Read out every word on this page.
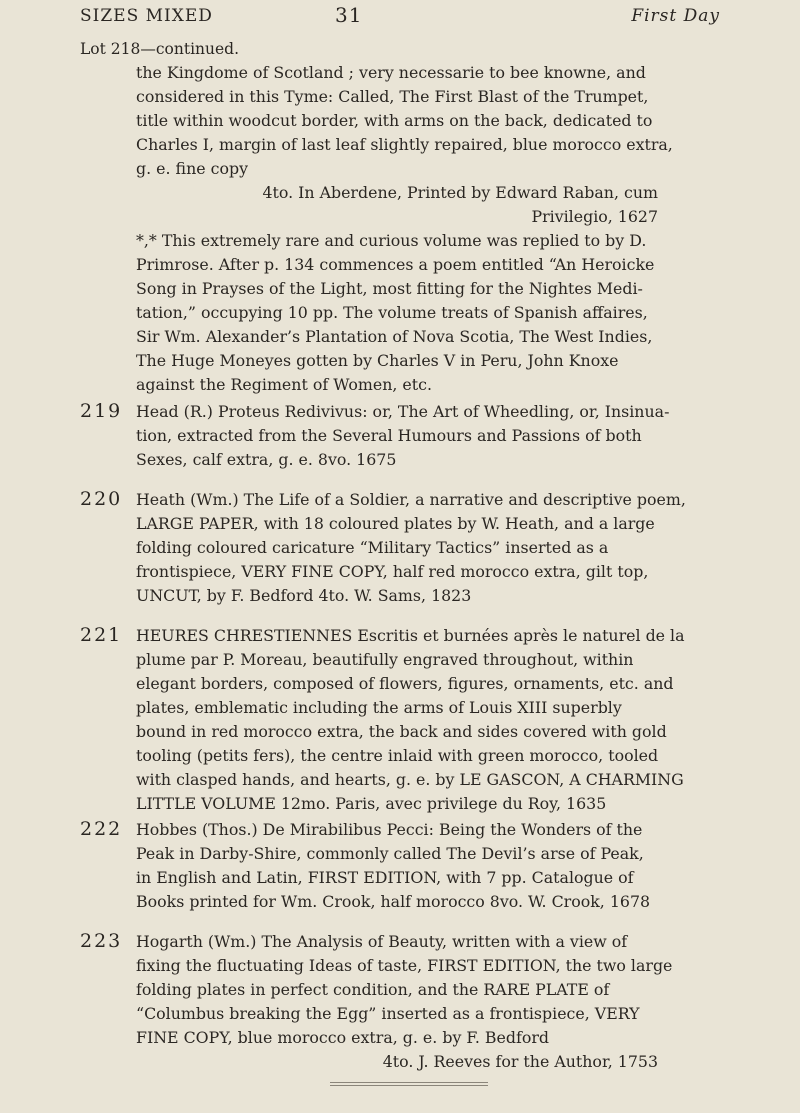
SIZES MIXED	31	First Day
Lot 218—continued.
the Kingdome of Scotland ; very necessarie to bee knowne, and
considered in this Tyme: Called, The First Blast of the Trumpet,
title within woodcut border, with arms on the back, dedicated to
Charles I, margin of last leaf slightly repaired, blue morocco extra,
g. e. fine copy
4to. In Aberdene, Printed by Edward Raban, cum
Privilegio, 1627
*,* This extremely rare and curious volume was replied to by D.
Primrose. After p. 134 commences a poem entitled “An Heroicke
Song in Prayses of the Light, most fitting for the Nightes Medi-
tation,” occupying 10 pp. The volume treats of Spanish affaires,
Sir Wm. Alexander’s Plantation of Nova Scotia, The West Indies,
The Huge Moneyes gotten by Charles V in Peru, John Knoxe
against the Regiment of Women, etc.
219 Head (R.) Proteus Redivivus: or, The Art of Wheedling, or, Insinua-
tion, extracted from the Several Humours and Passions of both
Sexes, calf extra, g. e. 8vo. 1675
220 Heath (Wm.) The Life of a Soldier, a narrative and descriptive poem,
LARGE PAPER, with 18 coloured plates by W. Heath, and a large
folding coloured caricature “Military Tactics” inserted as a
frontispiece, VERY FINE COPY, half red morocco extra, gilt top,
UNCUT, by F. Bedford 4to. W. Sams, 1823
221 HEURES CHRESTIENNES Escritis et burnées après le naturel de la
plume par P. Moreau, beautifully engraved throughout, within
elegant borders, composed of flowers, figures, ornaments, etc. and
plates, emblematic including the arms of Louis XIII superbly
bound in red morocco extra, the back and sides covered with gold
tooling (petits fers), the centre inlaid with green morocco, tooled
with clasped hands, and hearts, g. e. by LE GASCON, A CHARMING
LITTLE VOLUME 12mo. Paris, avec privilege du Roy, 1635
222 Hobbes (Thos.) De Mirabilibus Pecci: Being the Wonders of the
Peak in Darby-Shire, commonly called The Devil’s arse of Peak,
in English and Latin, FIRST EDITION, with 7 pp. Catalogue of
Books printed for Wm. Crook, half morocco 8vo. W. Crook, 1678
223 Hogarth (Wm.) The Analysis of Beauty, written with a view of
fixing the fluctuating Ideas of taste, FIRST EDITION, the two large
folding plates in perfect condition, and the RARE PLATE of
“Columbus breaking the Egg” inserted as a frontispiece, VERY
FINE COPY, blue morocco extra, g. e. by F. Bedford
4to. J. Reeves for the Author, 1753
